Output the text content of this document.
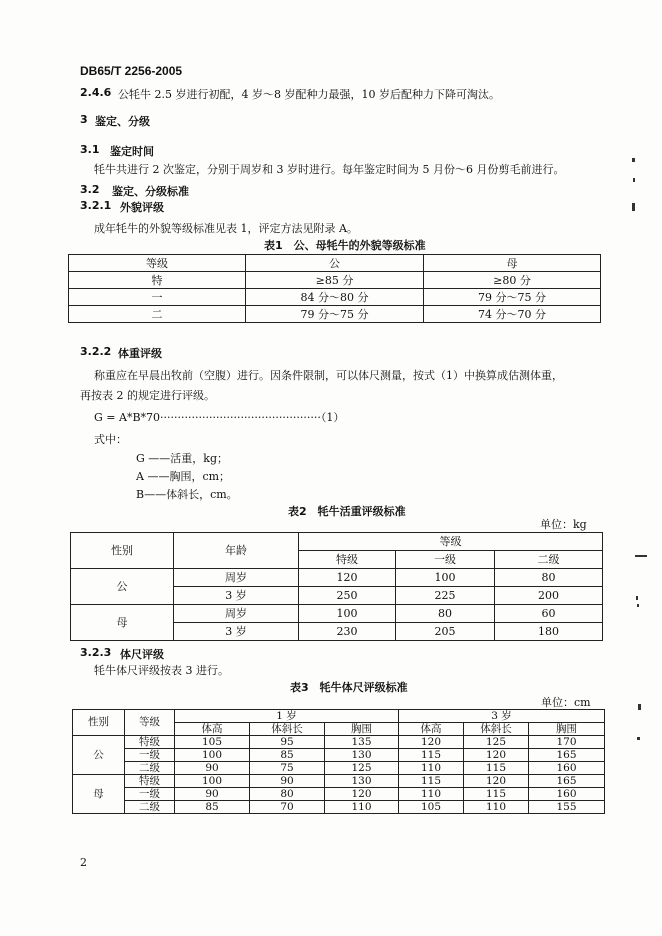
DB65/T 2256-2005
2.4.6 公牦牛 2.5 岁进行初配，4 岁～8 岁配种力最强，10 岁后配种力下降可淘汰。
3 鉴定、分级
3.1 鉴定时间
牦牛共进行 2 次鉴定，分别于周岁和 3 岁时进行。每年鉴定时间为 5 月份～6 月份剪毛前进行。
3.2 鉴定、分级标准
3.2.1 外貌评级
成年牦牛的外貌等级标准见表 1，评定方法见附录 A。
表1　公、母牦牛的外貌等级标准
等级	公	母
特	≥85 分	≥80 分
一	84 分～80 分	79 分～75 分
二	79 分～75 分	74 分～70 分
3.2.2 体重评级
称重应在早晨出牧前（空腹）进行。因条件限制，可以体尺测量，按式（1）中换算成估测体重，
再按表 2 的规定进行评级。
G = A*B*70··············································（1）
式中：
G ——活重，kg；
A ——胸围，cm；
B——体斜长，cm。
表2　牦牛活重评级标准
单位：kg
性别	年龄	等级		
		特级	一级	二级
公	周岁	120	100	80
	3 岁	250	225	200
母	周岁	100	80	60
	3 岁	230	205	180
3.2.3 体尺评级
牦牛体尺评级按表 3 进行。
表3　牦牛体尺评级标准
单位：cm
性别	等级	1 岁			3 岁		
		体高	体斜长	胸围	体高	体斜长	胸围
公	特级	105	95	135	120	125	170
	一级	100	85	130	115	120	165
	二级	90	75	125	110	115	160
母	特级	100	90	130	115	120	165
	一级	90	80	120	110	115	160
	二级	85	70	110	105	110	155
2
